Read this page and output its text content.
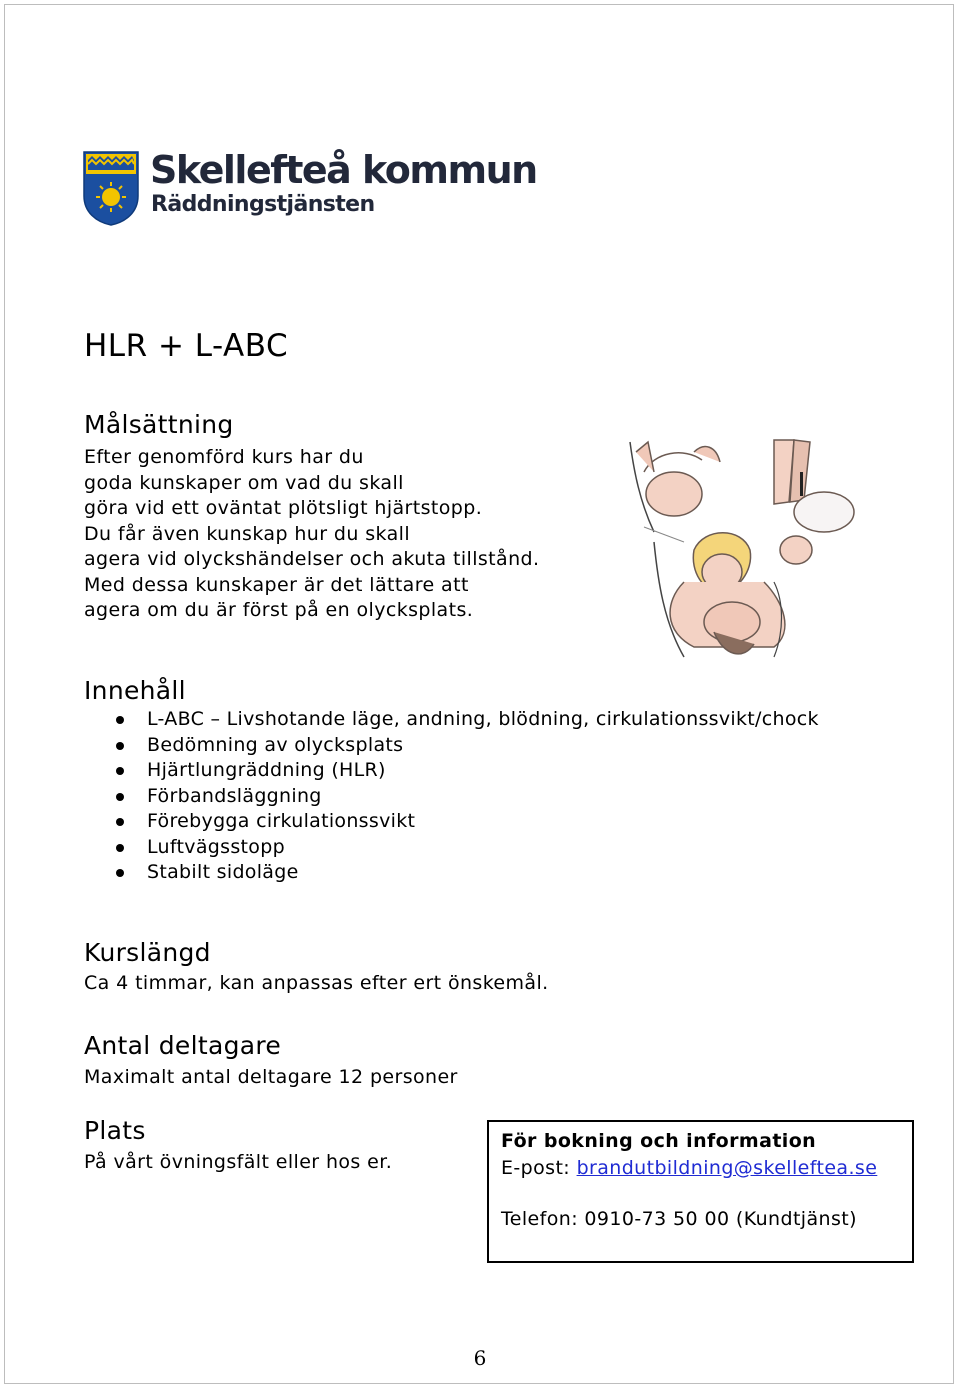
Skellefteå kommun
Räddningstjänsten
HLR + L-ABC
Målsättning
Efter genomförd kurs har du
goda kunskaper om vad du skall
göra vid ett oväntat plötsligt hjärtstopp.
Du får även kunskap hur du skall
agera vid olyckshändelser och akuta tillstånd.
Med dessa kunskaper är det lättare att
agera om du är först på en olycksplats.
Innehåll
L-ABC – Livshotande läge, andning, blödning, cirkulationssvikt/chock
Bedömning av olycksplats
Hjärtlungräddning (HLR)
Förbandsläggning
Förebygga cirkulationssvikt
Luftvägsstopp
Stabilt sidoläge
Kurslängd
Ca 4 timmar, kan anpassas efter ert önskemål.
Antal deltagare
Maximalt antal deltagare 12 personer
Plats
På vårt övningsfält eller hos er.
För bokning och information
E-post: brandutbildning@skelleftea.se
Telefon: 0910-73 50 00 (Kundtjänst)
6
